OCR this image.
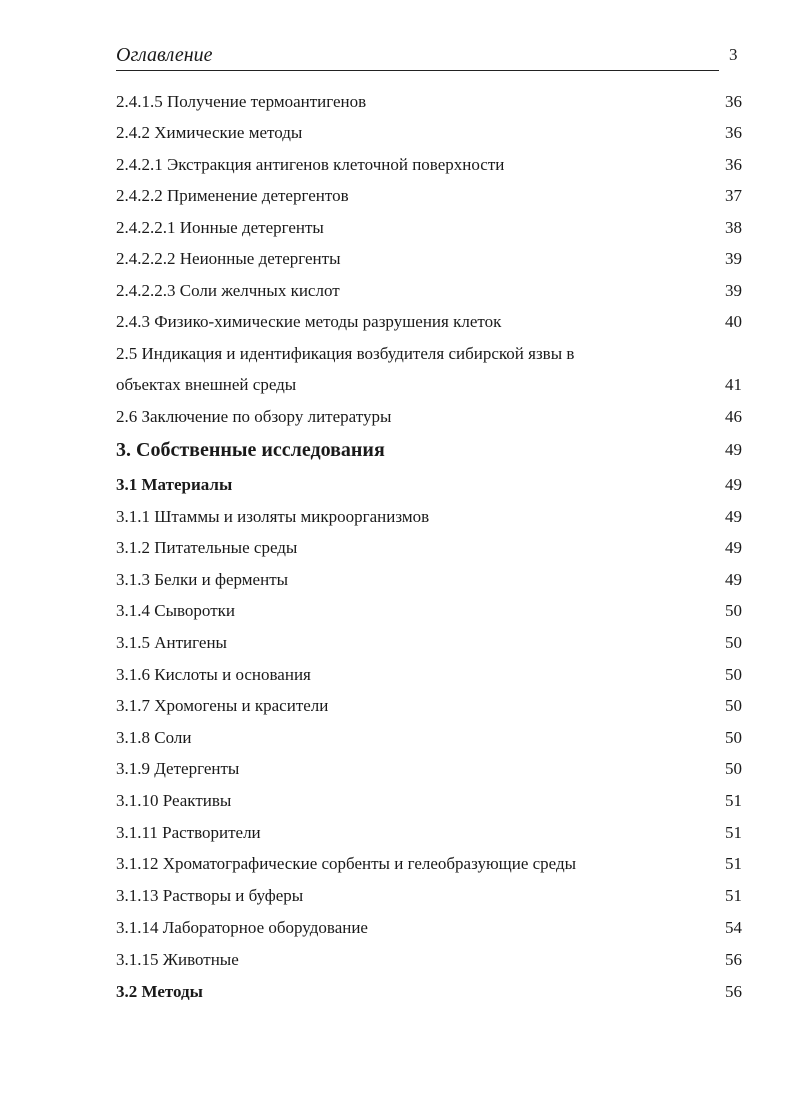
Оглавление	3
2.4.1.5 Получение термоантигенов	36
2.4.2 Химические методы	36
2.4.2.1 Экстракция антигенов клеточной поверхности	36
2.4.2.2 Применение детергентов	37
2.4.2.2.1 Ионные детергенты	38
2.4.2.2.2 Неионные детергенты	39
2.4.2.2.3 Соли желчных кислот	39
2.4.3 Физико-химические методы разрушения клеток	40
2.5 Индикация и идентификация возбудителя сибирской язвы в
объектах внешней среды	41
2.6 Заключение по обзору литературы	46
3. Собственные исследования	49
3.1 Материалы	49
3.1.1 Штаммы и изоляты микроорганизмов	49
3.1.2 Питательные среды	49
3.1.3 Белки и ферменты	49
3.1.4 Сыворотки	50
3.1.5 Антигены	50
3.1.6 Кислоты и основания	50
3.1.7 Хромогены и красители	50
3.1.8 Соли	50
3.1.9 Детергенты	50
3.1.10 Реактивы	51
3.1.11 Растворители	51
3.1.12 Хроматографические сорбенты и гелеобразующие среды	51
3.1.13 Растворы и буферы	51
3.1.14 Лабораторное оборудование	54
3.1.15 Животные	56
3.2 Методы	56
